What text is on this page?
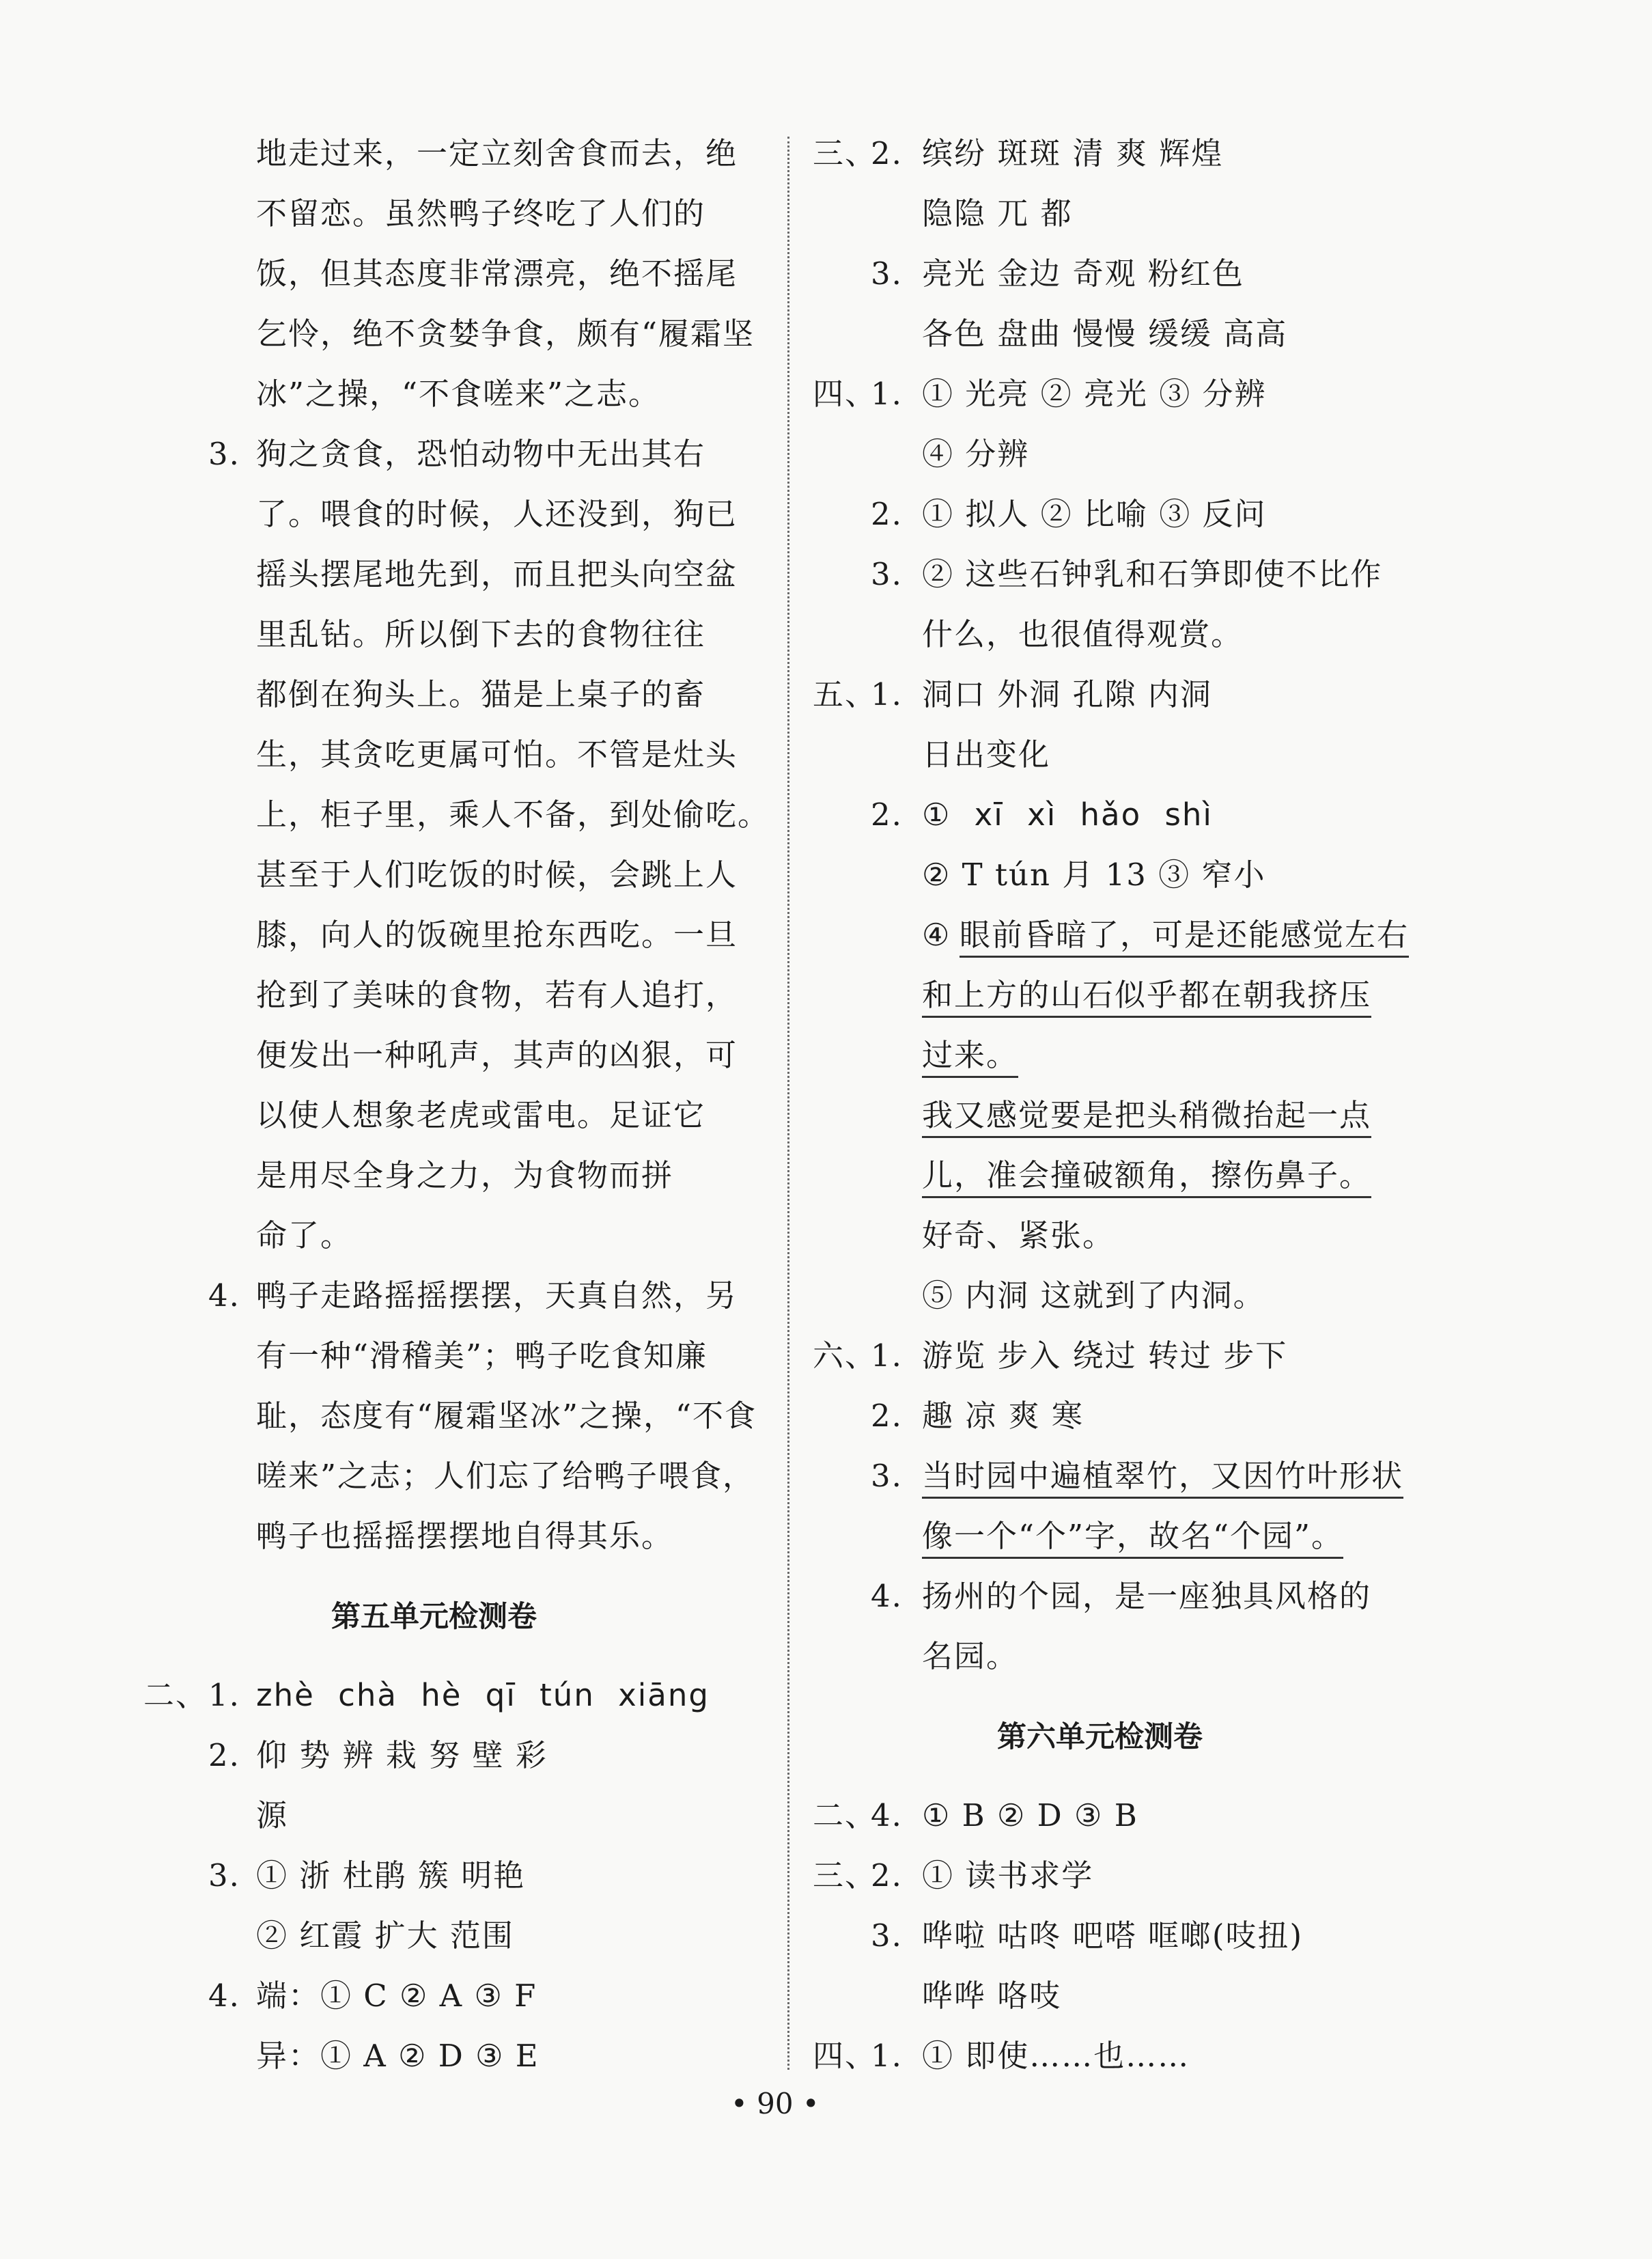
地走过来，一定立刻舍食而去，绝
不留恋。虽然鸭子终吃了人们的
饭，但其态度非常漂亮，绝不摇尾
乞怜，绝不贪婪争食，颇有“履霜坚
冰”之操，“不食嗟来”之志。
3. 狗之贪食，恐怕动物中无出其右
了。喂食的时候，人还没到，狗已
摇头摆尾地先到，而且把头向空盆
里乱钻。所以倒下去的食物往往
都倒在狗头上。猫是上桌子的畜
生，其贪吃更属可怕。不管是灶头
上，柜子里，乘人不备，到处偷吃。
甚至于人们吃饭的时候，会跳上人
膝，向人的饭碗里抢东西吃。一旦
抢到了美味的食物，若有人追打，
便发出一种吼声，其声的凶狠，可
以使人想象老虎或雷电。足证它
是用尽全身之力，为食物而拼
命了。
4. 鸭子走路摇摇摆摆，天真自然，另
有一种“滑稽美”；鸭子吃食知廉
耻，态度有“履霜坚冰”之操，“不食
嗟来”之志；人们忘了给鸭子喂食，
鸭子也摇摇摆摆地自得其乐。
第五单元检测卷
二、 1. zhè chà hè qī tún xiāng
2. 仰 势 辨 栽 努 壁 彩
源
3. ① 浙 杜鹃 簇 明艳
② 红霞 扩大 范围
4. 端：① C ② A ③ F
异：① A ② D ③ E
三、
2. 缤纷 斑斑 清 爽 辉煌
隐隐 兀 都
3. 亮光 金边 奇观 粉红色
各色 盘曲 慢慢 缓缓 高高
四、
1. ① 光亮 ② 亮光 ③ 分辨
④ 分辨
2. ① 拟人 ② 比喻 ③ 反问
3. ② 这些石钟乳和石笋即使不比作
什么，也很值得观赏。
五、
1. 洞口 外洞 孔隙 内洞
日出变化
2. ① xī xì hǎo shì
② T tún 月 13 ③ 窄小
④ 眼前昏暗了，可是还能感觉左右
和上方的山石似乎都在朝我挤压
过来。
我又感觉要是把头稍微抬起一点
儿，准会撞破额角，擦伤鼻子。
好奇、紧张。
⑤ 内洞 这就到了内洞。
六、
1. 游览 步入 绕过 转过 步下
2. 趣 凉 爽 寒
3. 当时园中遍植翠竹，又因竹叶形状
像一个“个”字，故名“个园”。
4. 扬州的个园，是一座独具风格的
名园。
第六单元检测卷
二、
4. ① B ② D ③ B
三、
2. ① 读书求学
3. 哗啦 咕咚 吧嗒 哐啷(吱扭)
哗哗 咯吱
四、
1. ① 即使……也……
• 90 •
